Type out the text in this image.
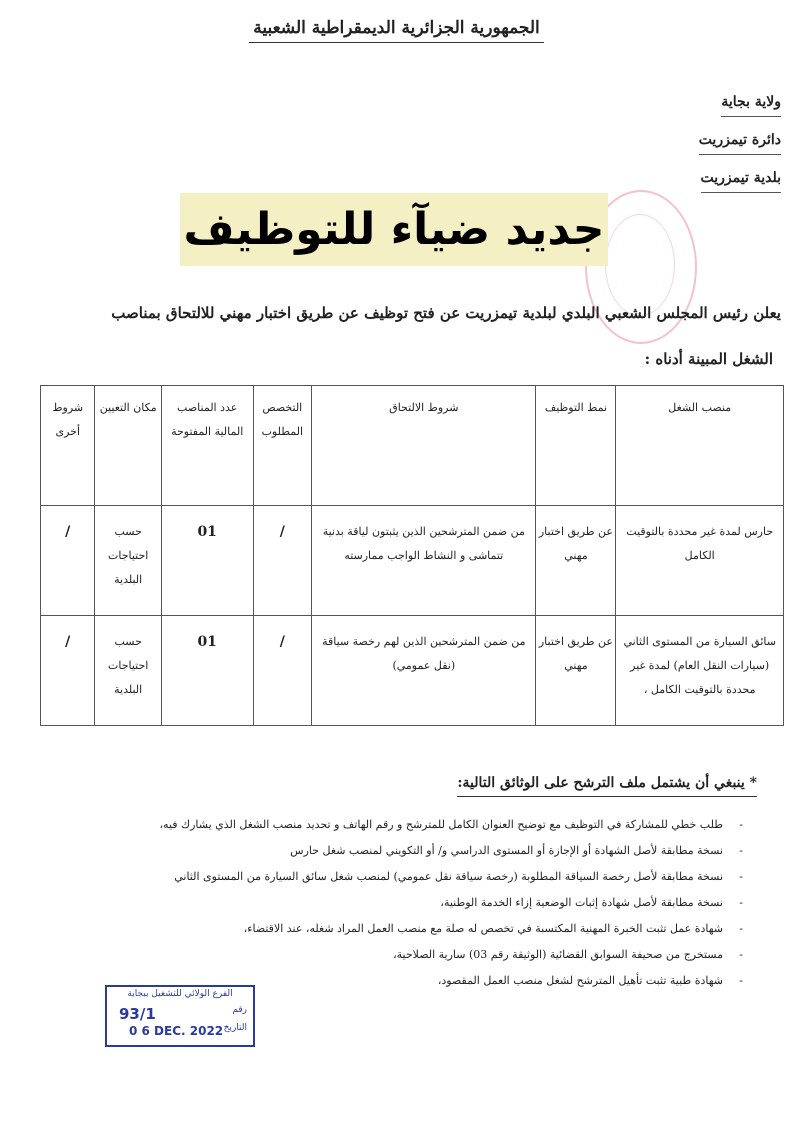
الجمهورية الجزائرية الديمقراطية الشعبية
ولاية بجاية
دائرة تيمزريت
بلدية تيمزريت
جديد ضيآء للتوظيف
يعلن رئيس المجلس الشعبي البلدي لبلدية تيمزريت عن فتح توظيف عن طريق اختبار مهني للالتحاق بمناصب
الشغل المبينة أدناه :
منصب الشغل	نمط التوظيف	شروط الالتحاق	التخصص المطلوب	عدد المناصب المالية المفتوحة	مكان التعيين	شروط أخرى
حارس لمدة غير محددة بالتوقيت الكامل	عن طريق اختبار مهني	من ضمن المترشحين الذين يثبتون لياقة بدنية تتماشى و النشاط الواجب ممارسته	/	01	حسب احتياجات البلدية	/
سائق السيارة من المستوى الثاني (سيارات النقل العام) لمدة غير محددة بالتوقيت الكامل ،	عن طريق اختبار مهني	من ضمن المترشحين الذين لهم رخصة سياقة (نقل عمومي)	/	01	حسب احتياجات البلدية	/
* ينبغي أن يشتمل ملف الترشح على الوثائق التالية:
- طلب خطي للمشاركة في التوظيف مع توضيح العنوان الكامل للمترشح و رقم الهاتف و تحديد منصب الشغل الذي يشارك فيه،
- نسخة مطابقة لأصل الشهادة أو الإجازة أو المستوى الدراسي و/ أو التكويني لمنصب شغل حارس
- نسخة مطابقة لأصل رخصة السياقة المطلوبة (رخصة سياقة نقل عمومي) لمنصب شغل سائق السيارة من المستوى الثاني
- نسخة مطابقة لأصل شهادة إثبات الوضعية إزاء الخدمة الوطنية،
- شهادة عمل تثبت الخبرة المهنية المكتسبة في تخصص له صلة مع منصب العمل المراد شغله، عند الاقتضاء،
- مستخرج من صحيفة السوابق القضائية (الوثيقة رقم 03) سارية الصلاحية،
- شهادة طبية تثبت تأهيل المترشح لشغل منصب العمل المقصود،
الفرع الولائي للتشغيل ببجاية
رقم
93/1
التاريخ
0 6 DEC. 2022
